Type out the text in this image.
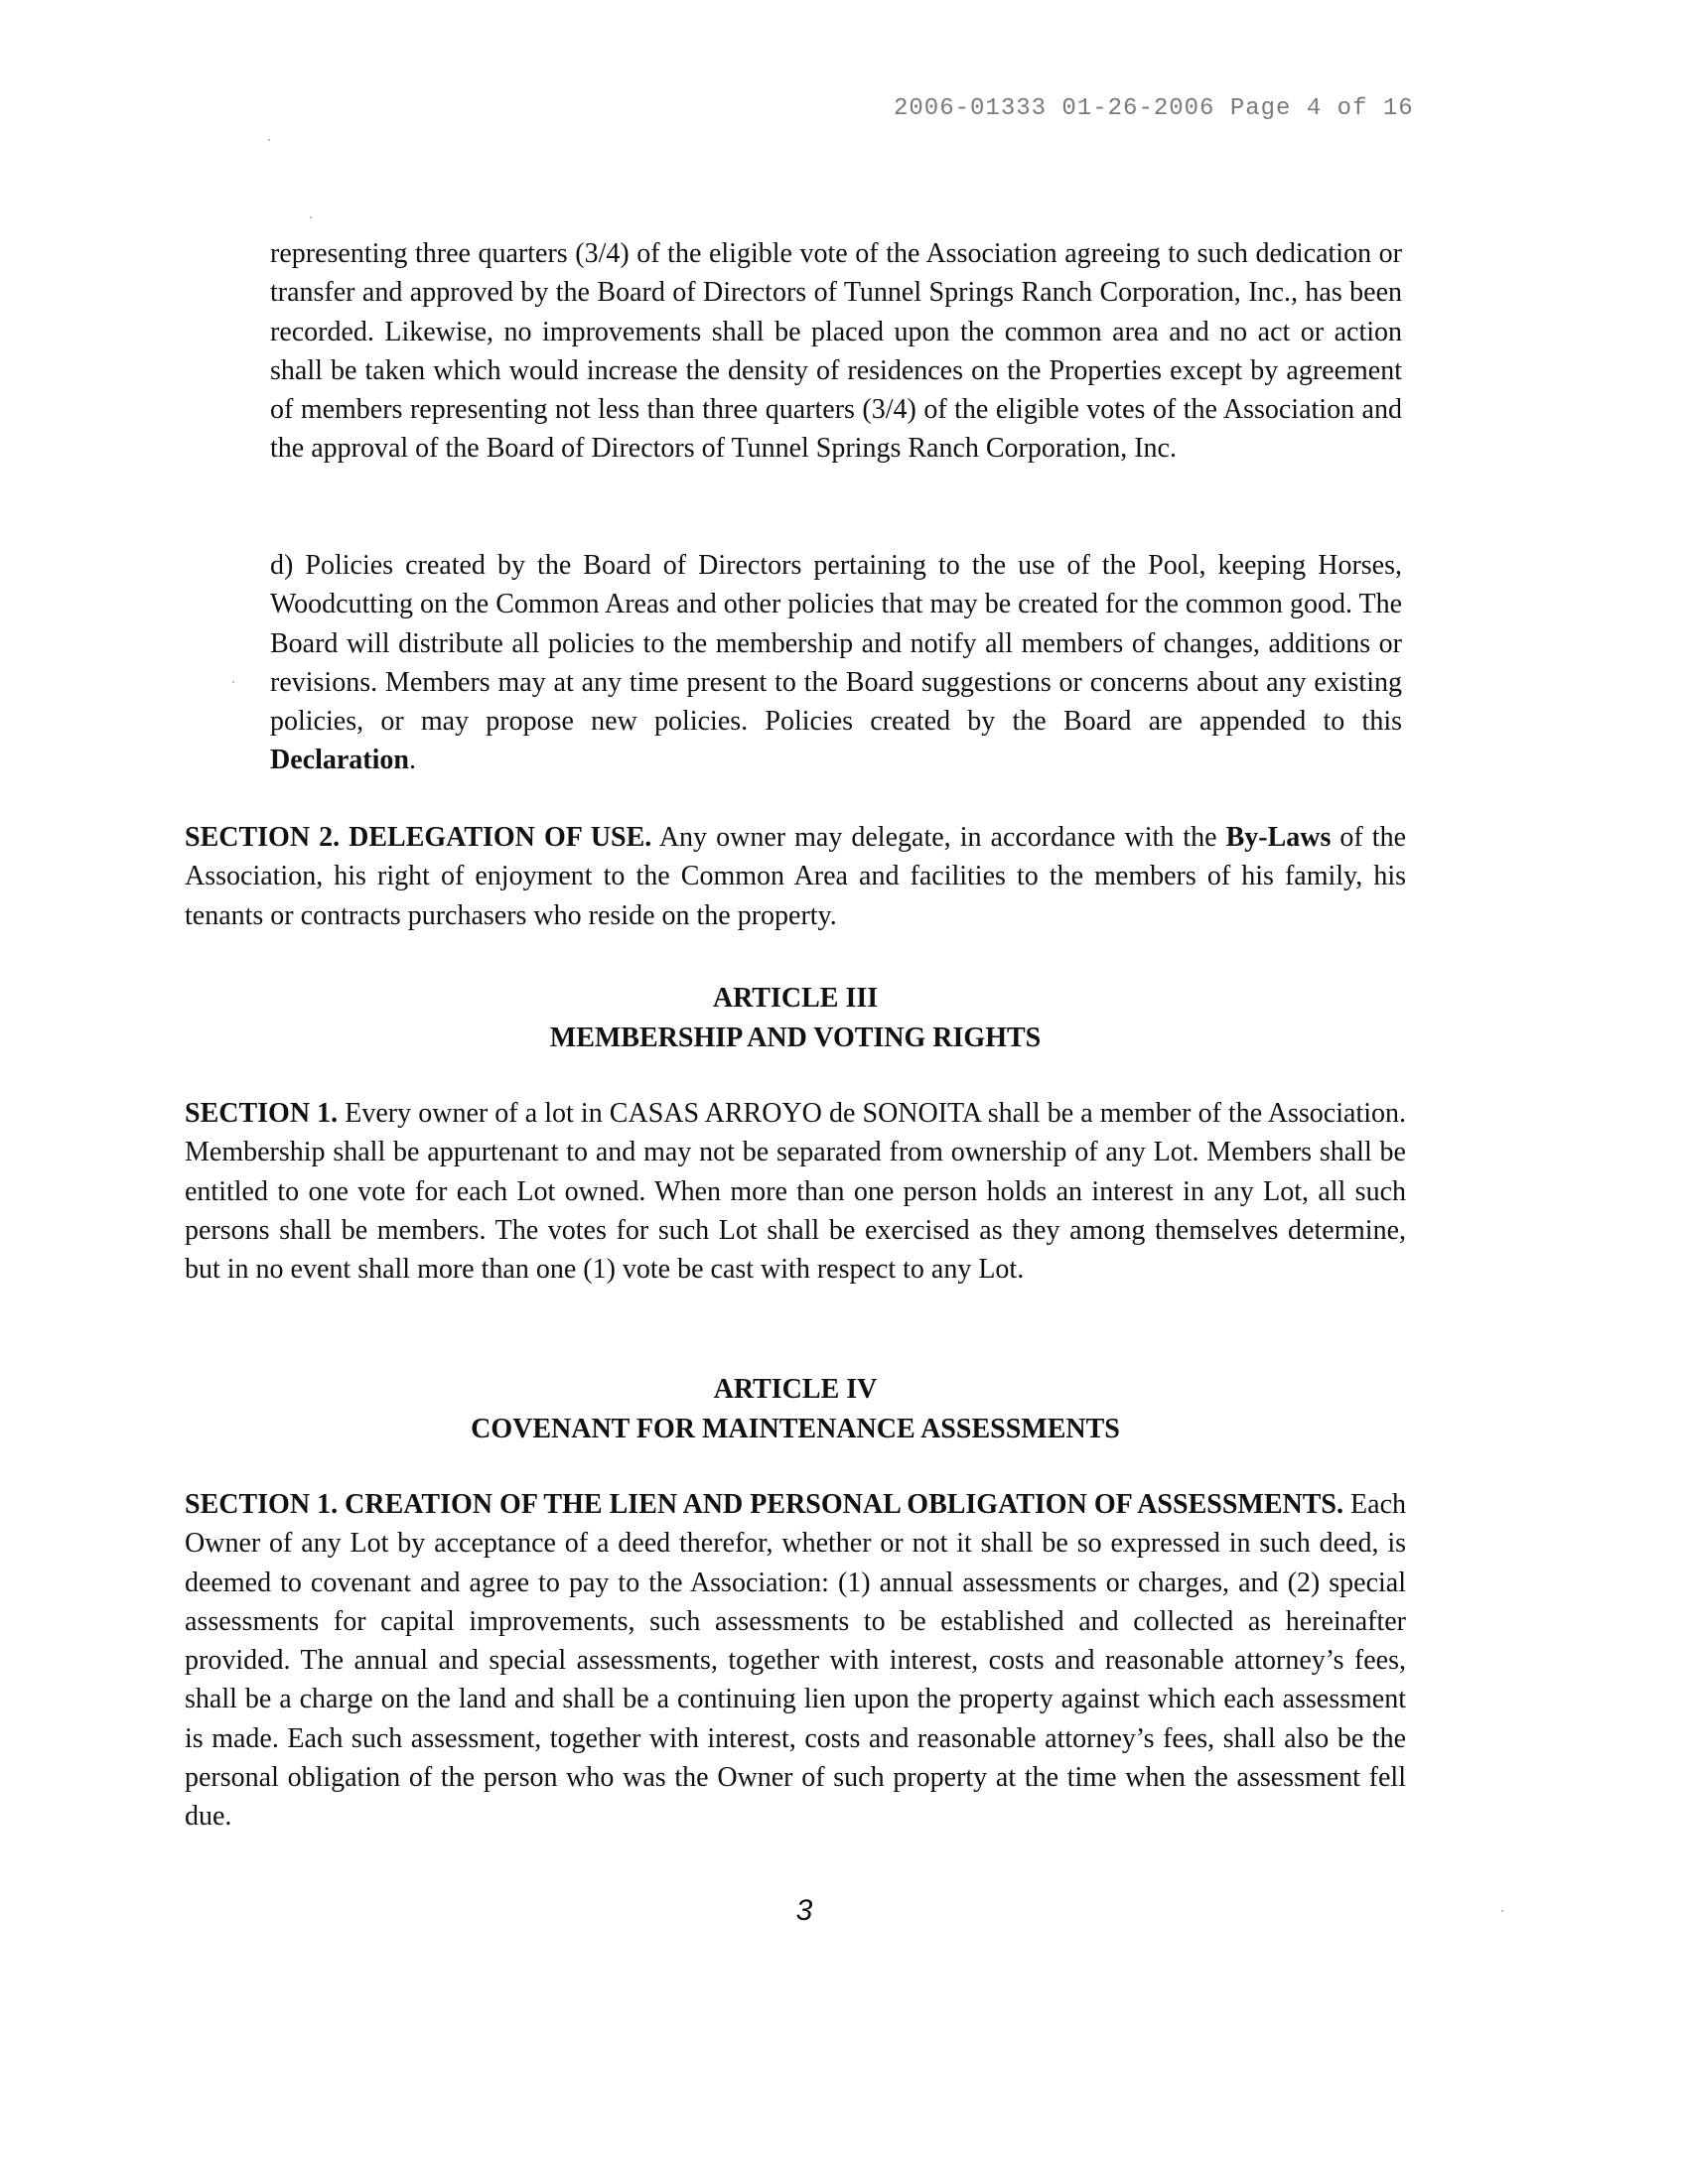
2006-01333 01-26-2006 Page 4 of 16

representing three quarters (3/4) of the eligible vote of the Association agreeing to such dedication or transfer and approved by the Board of Directors of Tunnel Springs Ranch Corporation, Inc., has been recorded. Likewise, no improvements shall be placed upon the common area and no act or action shall be taken which would increase the density of residences on the Properties except by agreement of members representing not less than three quarters (3/4) of the eligible votes of the Association and the approval of the Board of Directors of Tunnel Springs Ranch Corporation, Inc.

d) Policies created by the Board of Directors pertaining to the use of the Pool, keeping Horses, Woodcutting on the Common Areas and other policies that may be created for the common good. The Board will distribute all policies to the membership and notify all members of changes, additions or revisions. Members may at any time present to the Board suggestions or concerns about any existing policies, or may propose new policies. Policies created by the Board are appended to this Declaration.

SECTION 2. DELEGATION OF USE. Any owner may delegate, in accordance with the By-Laws of the Association, his right of enjoyment to the Common Area and facilities to the members of his family, his tenants or contracts purchasers who reside on the property.

ARTICLE III

MEMBERSHIP AND VOTING RIGHTS

SECTION 1. Every owner of a lot in CASAS ARROYO de SONOITA shall be a member of the Association. Membership shall be appurtenant to and may not be separated from ownership of any Lot. Members shall be entitled to one vote for each Lot owned. When more than one person holds an interest in any Lot, all such persons shall be members. The votes for such Lot shall be exercised as they among themselves determine, but in no event shall more than one (1) vote be cast with respect to any Lot.

ARTICLE IV

COVENANT FOR MAINTENANCE ASSESSMENTS

SECTION 1. CREATION OF THE LIEN AND PERSONAL OBLIGATION OF ASSESSMENTS. Each Owner of any Lot by acceptance of a deed therefor, whether or not it shall be so expressed in such deed, is deemed to covenant and agree to pay to the Association: (1) annual assessments or charges, and (2) special assessments for capital improvements, such assessments to be established and collected as hereinafter provided. The annual and special assessments, together with interest, costs and reasonable attorney’s fees, shall be a charge on the land and shall be a continuing lien upon the property against which each assessment is made. Each such assessment, together with interest, costs and reasonable attorney’s fees, shall also be the personal obligation of the person who was the Owner of such property at the time when the assessment fell due.

3
